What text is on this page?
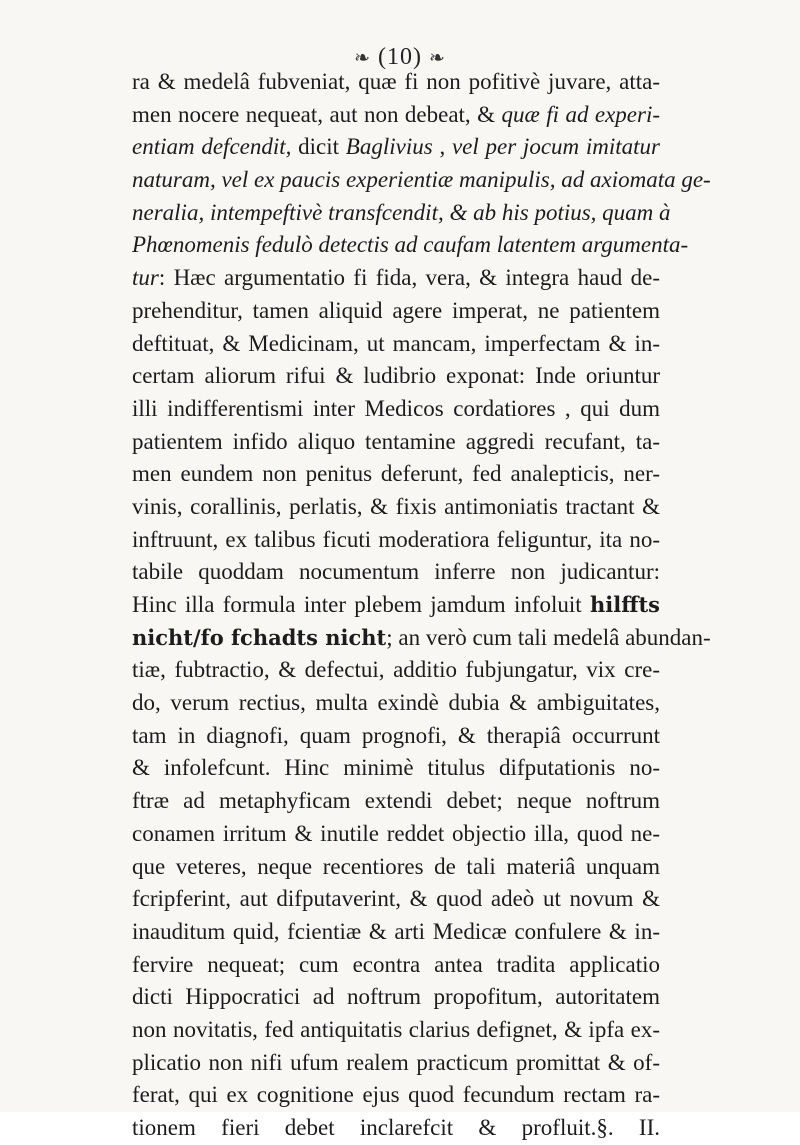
❧ (10) ❧
ra & medelâ fubveniat, quæ fi non pofitivè juvare, atta-
men nocere nequeat, aut non debeat, & quæ fi ad experi-
entiam defcendit, dicit Baglivius , vel per jocum imitatur
naturam, vel ex paucis experientiæ manipulis, ad axiomata ge-
neralia, intempeftivè transfcendit, & ab his potius, quam à
Phœnomenis fedulò detectis ad caufam latentem argumenta-
tur: Hæc argumentatio fi fida, vera, & integra haud de-
prehenditur, tamen aliquid agere imperat, ne patientem
deftituat, & Medicinam, ut mancam, imperfectam & in-
certam aliorum rifui & ludibrio exponat: Inde oriuntur
illi indifferentismi inter Medicos cordatiores , qui dum
patientem infido aliquo tentamine aggredi recufant, ta-
men eundem non penitus deferunt, fed analepticis, ner-
vinis, corallinis, perlatis, & fixis antimoniatis tractant &
inftruunt, ex talibus ficuti moderatiora feliguntur, ita no-
tabile quoddam nocumentum inferre non judicantur:
Hinc illa formula inter plebem jamdum infoluit hilffts
nicht/fo fchadts nicht; an verò cum tali medelâ abundan-
tiæ, fubtractio, & defectui, additio fubjungatur, vix cre-
do, verum rectius, multa exindè dubia & ambiguitates,
tam in diagnofi, quam prognofi, & therapiâ occurrunt
& infolefcunt. Hinc minimè titulus difputationis no-
ftræ ad metaphyficam extendi debet; neque noftrum
conamen irritum & inutile reddet objectio illa, quod ne-
que veteres, neque recentiores de tali materiâ unquam
fcripferint, aut difputaverint, & quod adeò ut novum &
inauditum quid, fcientiæ & arti Medicæ confulere & in-
fervire nequeat; cum econtra antea tradita applicatio
dicti Hippocratici ad noftrum propofitum, autoritatem
non novitatis, fed antiquitatis clarius defignet, & ipfa ex-
plicatio non nifi ufum realem practicum promittat & of-
ferat, qui ex cognitione ejus quod fecundum rectam ra-
tionem fieri debet inclarefcit & profluit.§. II.
